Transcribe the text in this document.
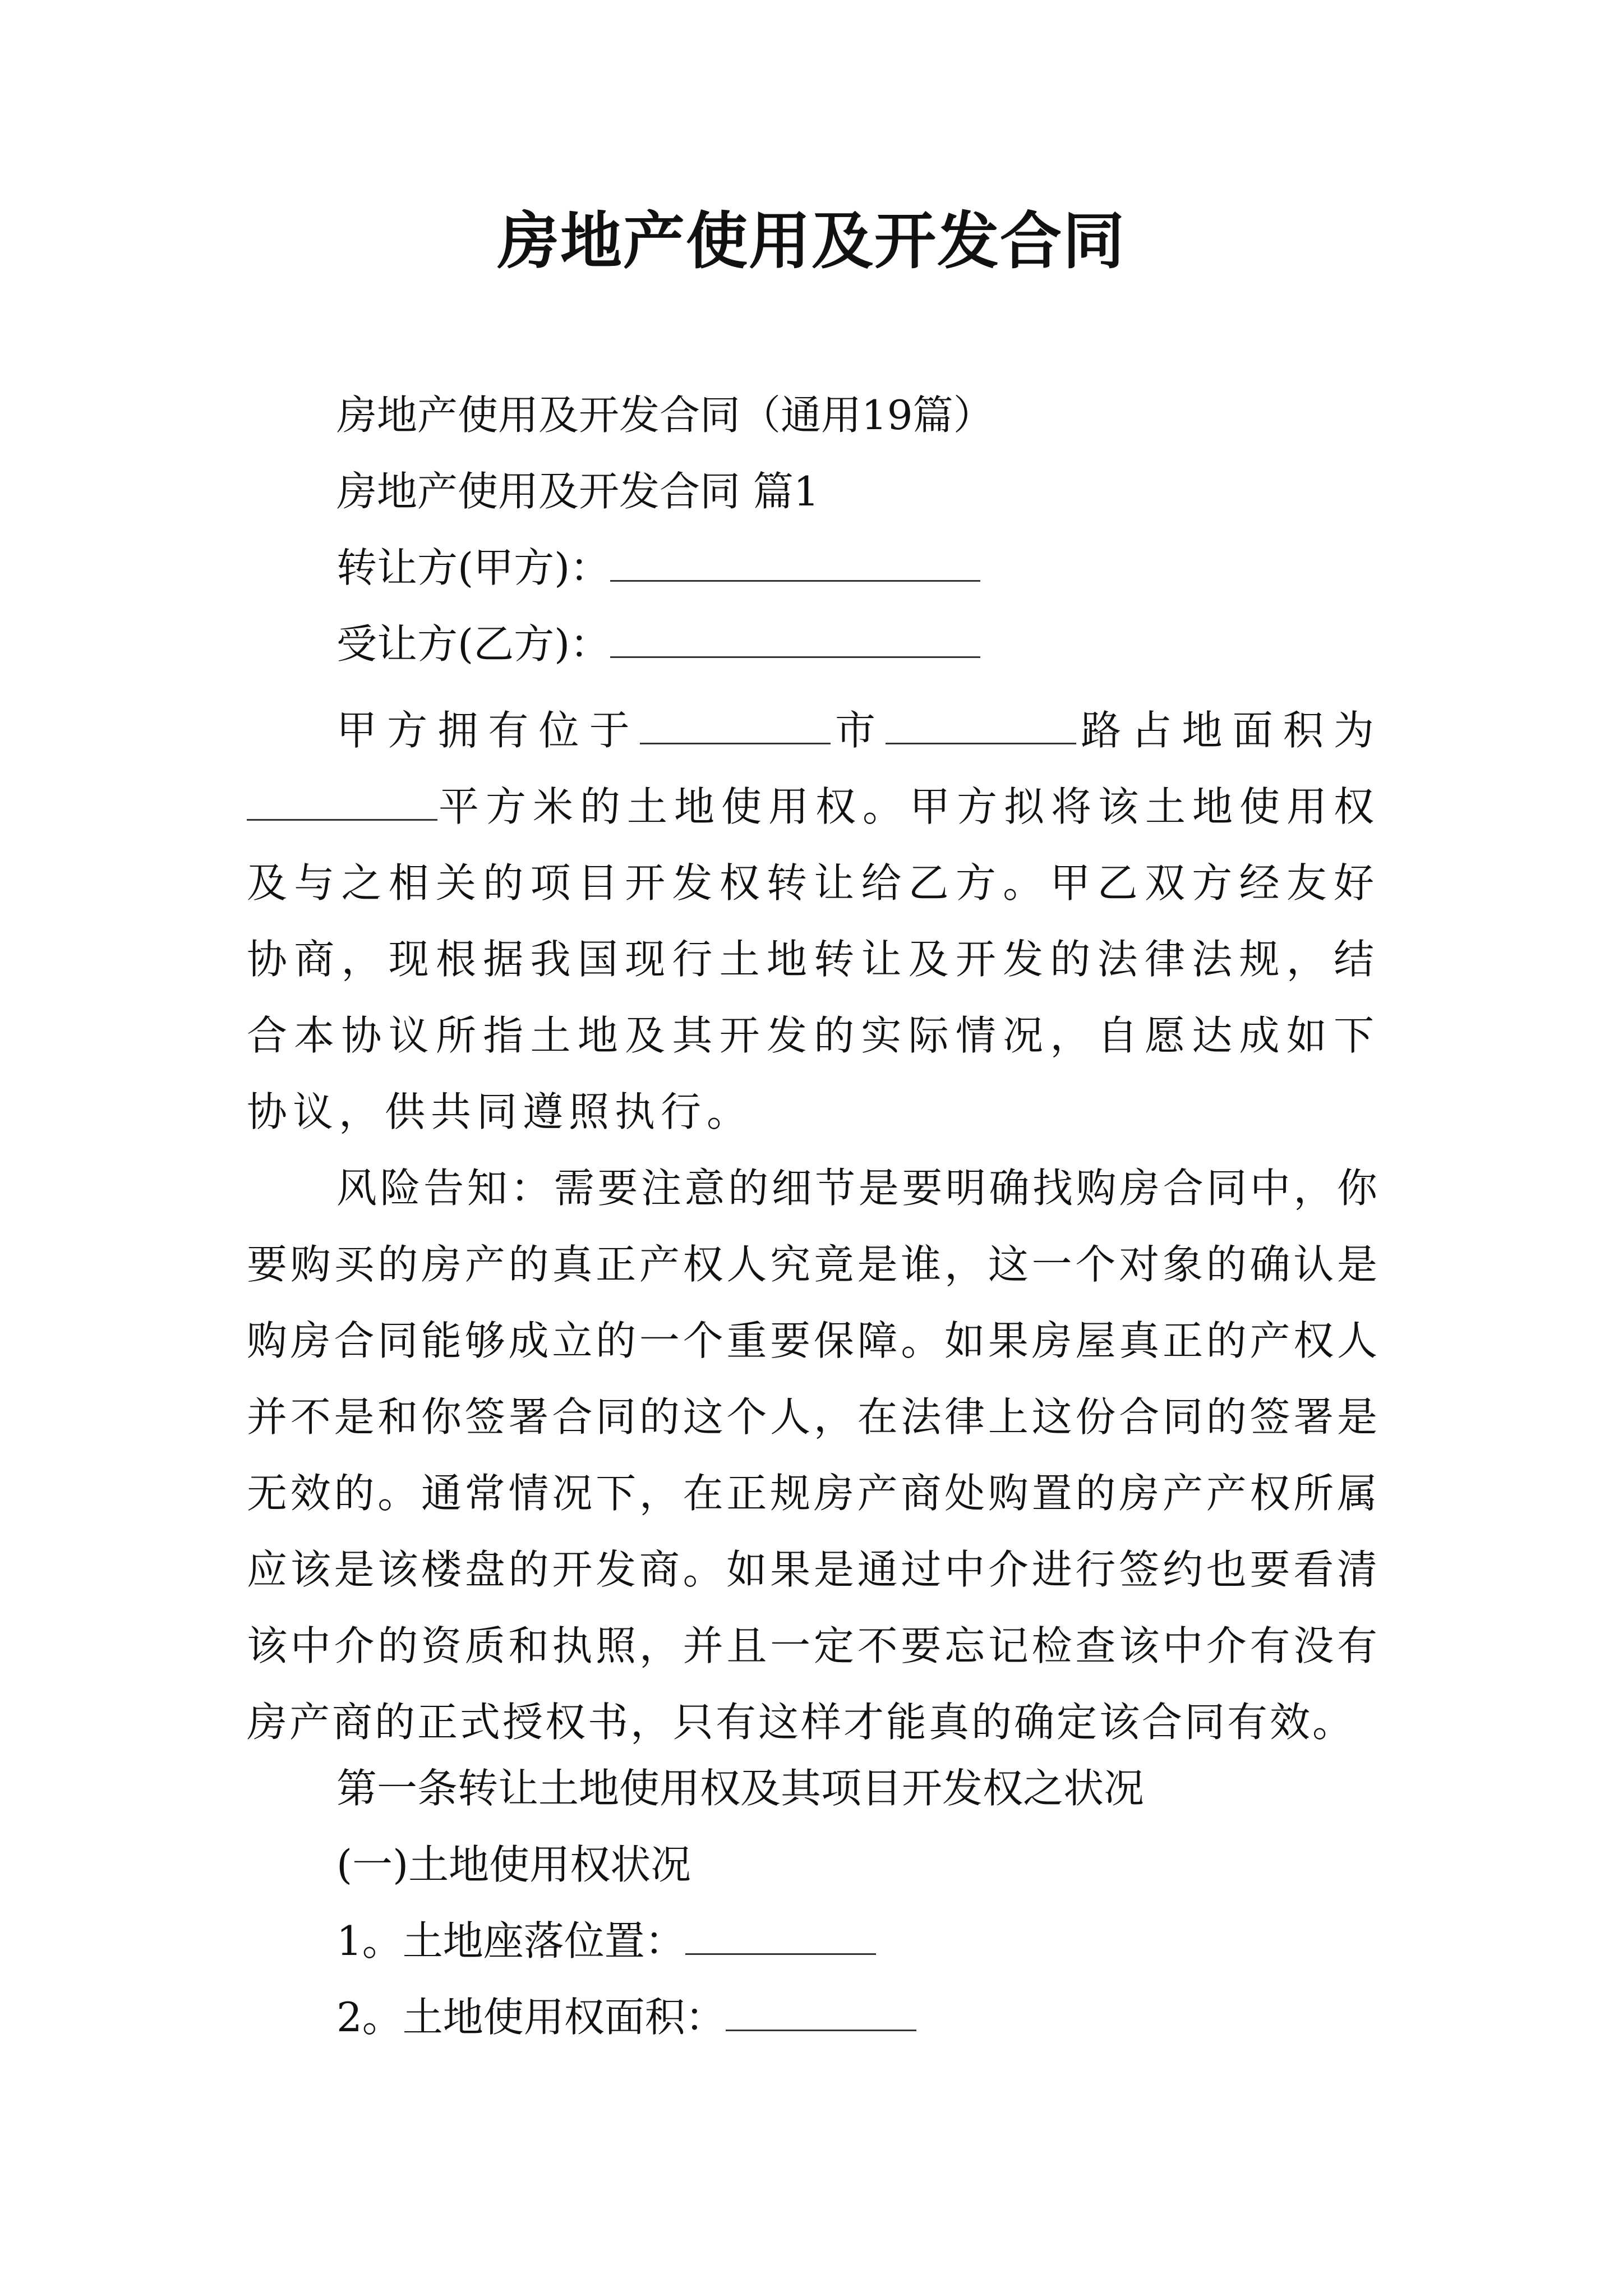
房地产使用及开发合同
房地产使用及开发合同（通用19篇）
房地产使用及开发合同 篇1
转让方(甲方)：
受让方(乙方)：
甲方拥有位于	市	路占地面积为平方米的土地使用权。甲方拟将该土地使用权及与之相关的项目开发权转让给乙方。甲乙双方经友好协商，现根据我国现行土地转让及开发的法律法规，结合本协议所指土地及其开发的实际情况，自愿达成如下协议，供共同遵照执行。
风险告知：需要注意的细节是要明确找购房合同中，你要购买的房产的真正产权人究竟是谁，这一个对象的确认是购房合同能够成立的一个重要保障。如果房屋真正的产权人并不是和你签署合同的这个人，在法律上这份合同的签署是无效的。通常情况下，在正规房产商处购置的房产产权所属应该是该楼盘的开发商。如果是通过中介进行签约也要看清该中介的资质和执照，并且一定不要忘记检查该中介有没有房产商的正式授权书，只有这样才能真的确定该合同有效。
第一条转让土地使用权及其项目开发权之状况
(一)土地使用权状况
1。土地座落位置：
2。土地使用权面积：
